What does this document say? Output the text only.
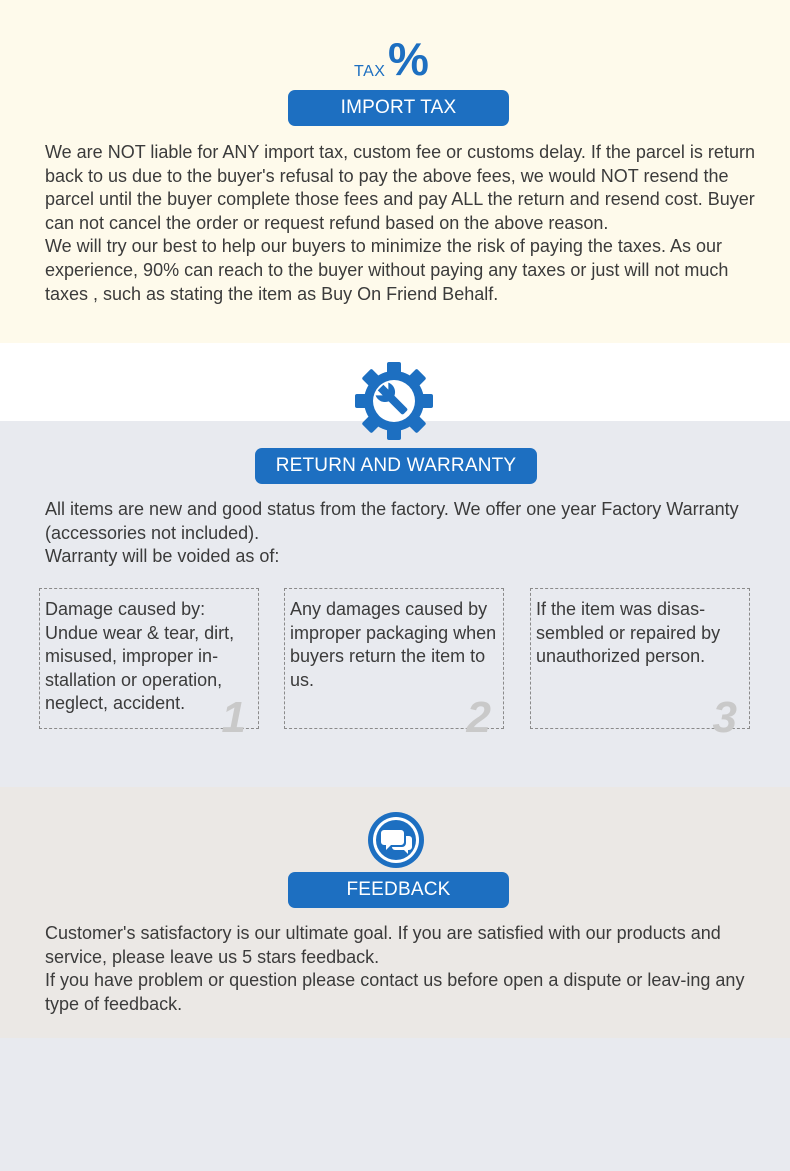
TAX %
IMPORT TAX

We are NOT liable for ANY import tax, custom fee or customs delay. If the parcel is return back to us due to the buyer's refusal to pay the above fees, we would NOT resend the parcel until the buyer complete those fees and pay ALL the return and resend cost. Buyer can not cancel the order or request refund based on the above reason.

We will try our best to help our buyers to minimize the risk of paying the taxes. As our experience, 90% can reach to the buyer without paying any taxes or just will not much taxes , such as stating the item as Buy On Friend Behalf.

RETURN AND WARRANTY

All items are new and good status from the factory. We offer one year Factory Warranty (accessories not included).

Warranty will be voided as of:

Damage caused by: Undue wear & tear, dirt, misused, improper in-stallation or operation, neglect, accident. 1
Any damages caused by improper packaging when buyers return the item to us.
2
If the item was disas-sembled or repaired by unauthorized person.
3
FEEDBACK

Customer's satisfactory is our ultimate goal. If you are satisfied with our products and service, please leave us 5 stars feedback.

If you have problem or question please contact us before open a dispute or leav-ing any type of feedback.
